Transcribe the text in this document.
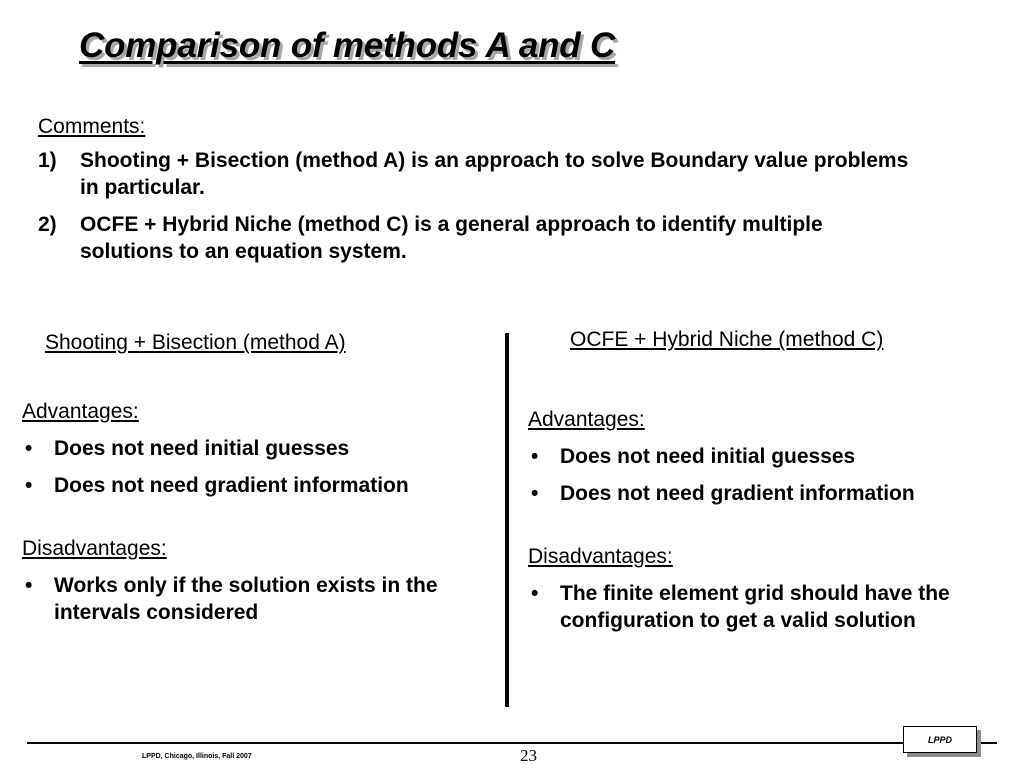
Comparison of methods A and C
Comments:
1) Shooting + Bisection (method A) is an approach to solve Boundary value problems in particular.
2) OCFE + Hybrid Niche (method C) is a general approach to identify multiple solutions to an equation system.
Shooting + Bisection (method A)	OCFE + Hybrid Niche (method C)
Advantages:
• Does not need initial guesses
• Does not need gradient information
Disadvantages:
• Works only if the solution exists in the intervals considered
Advantages:
• Does not need initial guesses
• Does not need gradient information
Disadvantages:
• The finite element grid should have the configuration to get a valid solution
LPPD, Chicago, Illinois, Fall 2007	23
LPPD
